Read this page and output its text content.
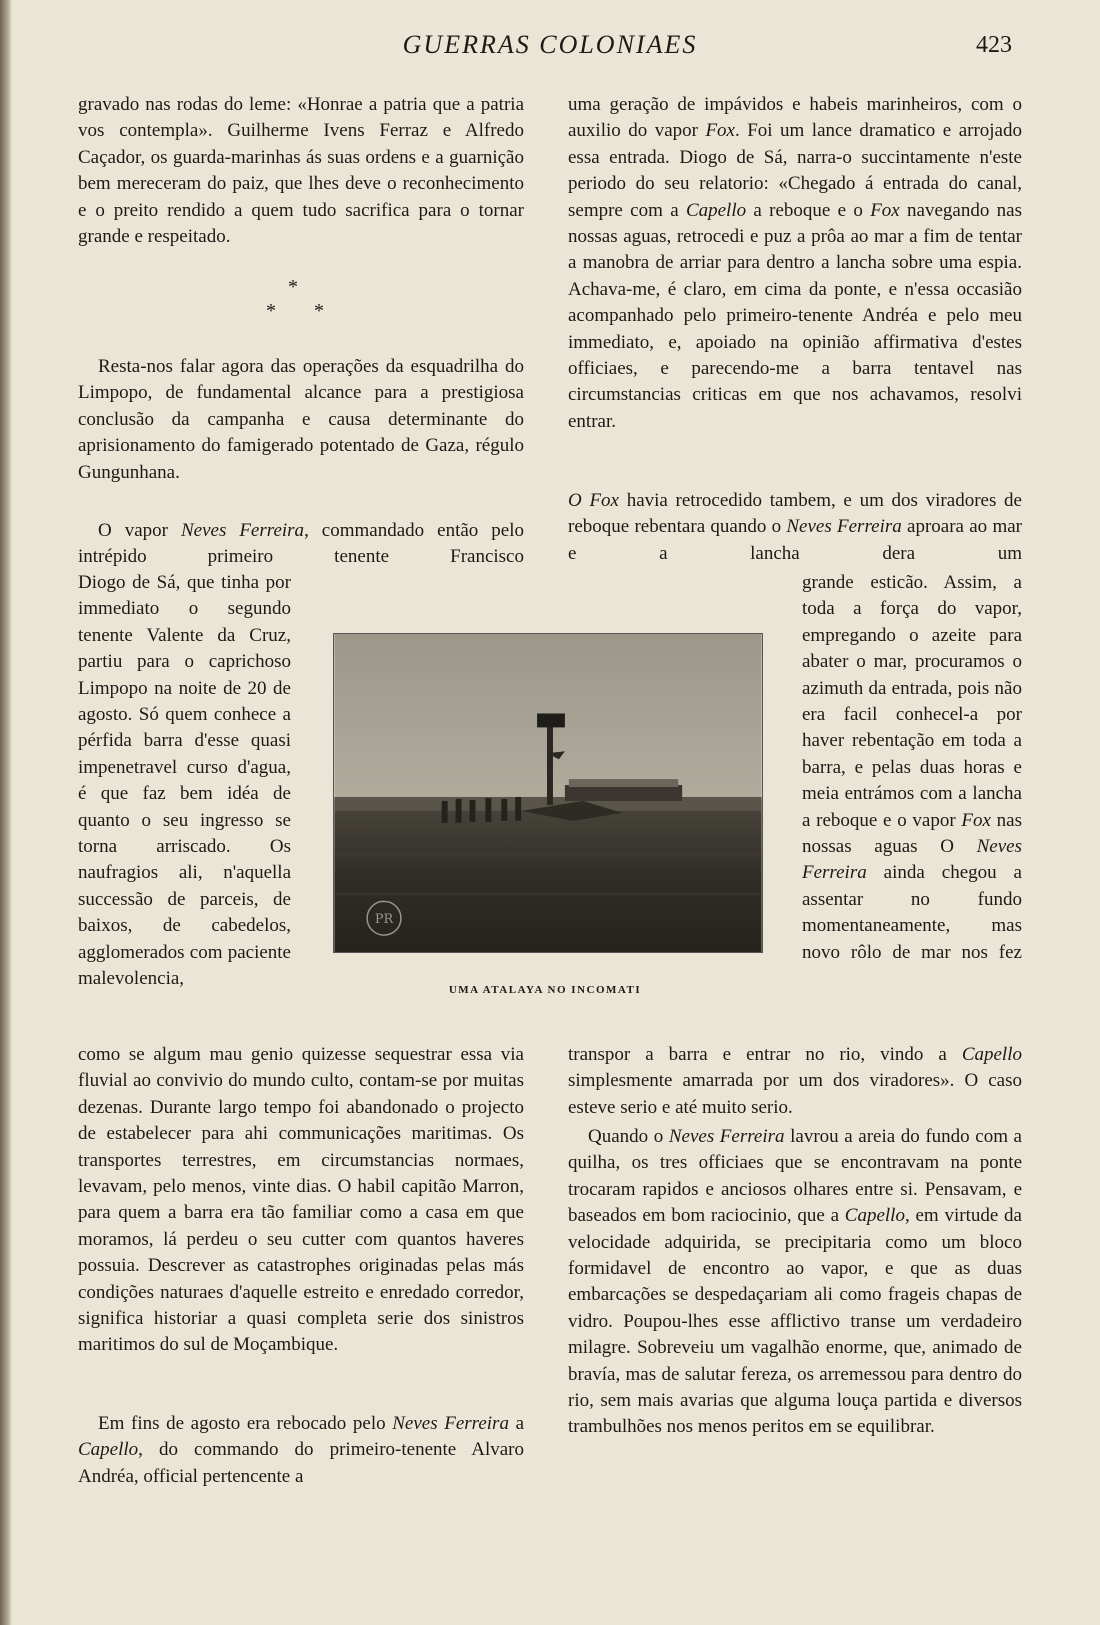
GUERRAS COLONIAES	423

gravado nas rodas do leme: «Honrae a patria que a patria vos contempla». Guilherme Ivens Ferraz e Alfredo Caçador, os guarda-marinhas ás suas ordens e a guarnição bem mereceram do paiz, que lhes deve o reconhecimento e o preito rendido a quem tudo sacrifica para o tornar grande e respeitado.

*
* *

Resta-nos falar agora das operações da esquadrilha do Limpopo, de fundamental alcance para a prestigiosa conclusão da campanha e causa determinante do aprisionamento do famigerado potentado de Gaza, régulo Gungunhana.

O vapor Neves Ferreira, commandado então pelo intrépido primeiro tenente Francisco

Diogo de Sá, que tinha por immediato o segundo tenente Valente da Cruz, partiu para o caprichoso Limpopo na noite de 20 de agosto. Só quem conhece a pérfida barra d'esse quasi impenetravel curso d'agua, é que faz bem idéa de quanto o seu ingresso se torna arriscado. Os naufragios ali, n'aquella successão de parceis, de baixos, de cabedelos, agglomerados com paciente malevolencia,

como se algum mau genio quizesse sequestrar essa via fluvial ao convivio do mundo culto, contam-se por muitas dezenas. Durante largo tempo foi abandonado o projecto de estabelecer para ahi communicações maritimas. Os transportes terrestres, em circumstancias normaes, levavam, pelo menos, vinte dias. O habil capitão Marron, para quem a barra era tão familiar como a casa em que moramos, lá perdeu o seu cutter com quantos haveres possuia. Descrever as catastrophes originadas pelas más condições naturaes d'aquelle estreito e enredado corredor, significa historiar a quasi completa serie dos sinistros maritimos do sul de Moçambique.

Em fins de agosto era rebocado pelo Neves Ferreira a Capello, do commando do primeiro-tenente Alvaro Andréa, official pertencente a

PR
UMA ATALAYA NO INCOMATI

uma geração de impávidos e habeis marinheiros, com o auxilio do vapor Fox. Foi um lance dramatico e arrojado essa entrada. Diogo de Sá, narra-o succintamente n'este periodo do seu relatorio: «Chegado á entrada do canal, sempre com a Capello a reboque e o Fox navegando nas nossas aguas, retrocedi e puz a prôa ao mar a fim de tentar a manobra de arriar para dentro a lancha sobre uma espia. Achava-me, é claro, em cima da ponte, e n'essa occasião acompanhado pelo primeiro-tenente Andréa e pelo meu immediato, e, apoiado na opinião affirmativa d'estes officiaes, e parecendo-me a barra tentavel nas circumstancias criticas em que nos achavamos, resolvi entrar.

O Fox havia retrocedido tambem, e um dos viradores de reboque rebentara quando o Neves Ferreira aproara ao mar e a lancha dera um

grande esticão. Assim, a toda a força do vapor, empregando o azeite para abater o mar, procuramos o azimuth da entrada, pois não era facil conhecel-a por haver rebentação em toda a barra, e pelas duas horas e meia entrámos com a lancha a reboque e o vapor Fox nas nossas aguas O Neves Ferreira ainda chegou a assentar no fundo momentaneamente, mas novo rôlo de mar nos fez

transpor a barra e entrar no rio, vindo a Capello simplesmente amarrada por um dos viradores». O caso esteve serio e até muito serio.

Quando o Neves Ferreira lavrou a areia do fundo com a quilha, os tres officiaes que se encontravam na ponte trocaram rapidos e anciosos olhares entre si. Pensavam, e baseados em bom raciocinio, que a Capello, em virtude da velocidade adquirida, se precipitaria como um bloco formidavel de encontro ao vapor, e que as duas embarcações se despedaçariam ali como frageis chapas de vidro. Poupou-lhes esse afflictivo transe um verdadeiro milagre. Sobreveiu um vagalhão enorme, que, animado de bravía, mas de salutar fereza, os arremessou para dentro do rio, sem mais avarias que alguma louça partida e diversos trambulhões nos menos peritos em se equilibrar.
